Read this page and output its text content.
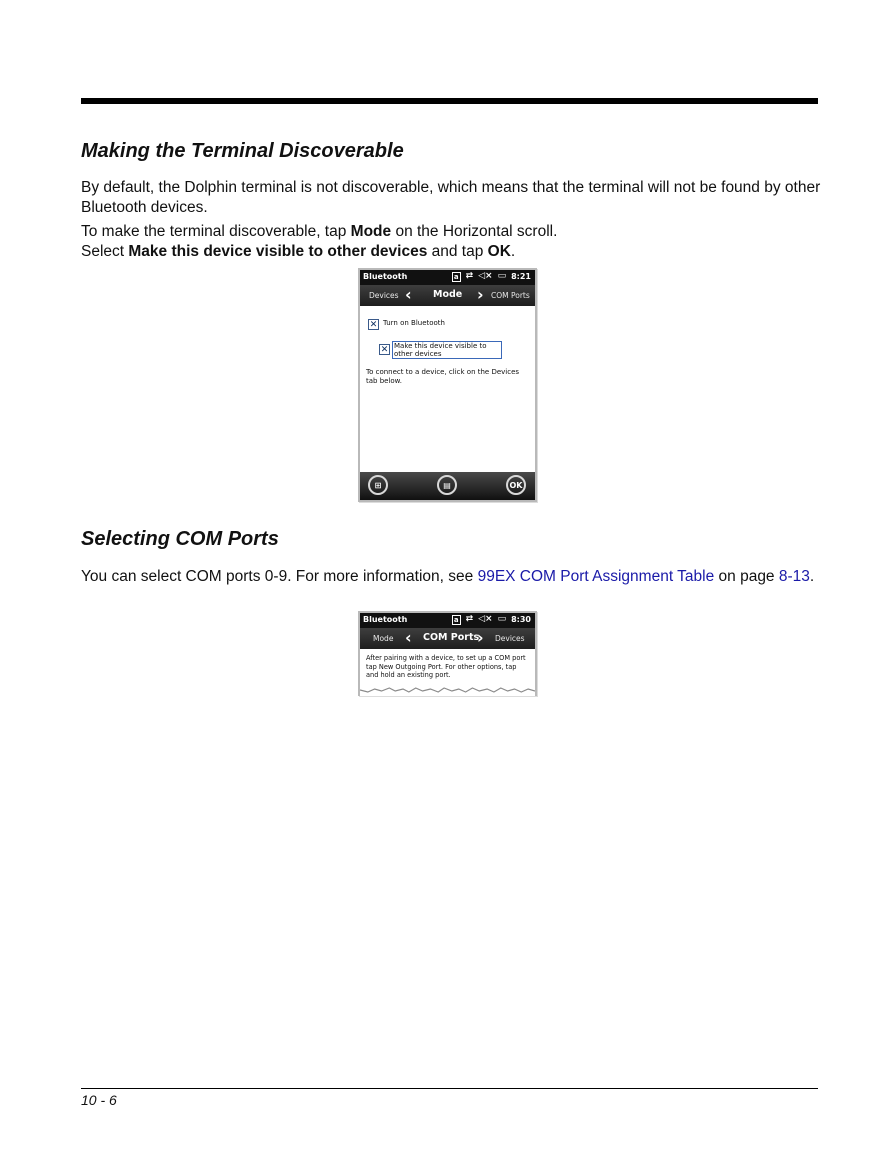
Making the Terminal Discoverable

By default, the Dolphin terminal is not discoverable, which means that the terminal will not be found by other Bluetooth devices.

To make the terminal discoverable, tap Mode on the Horizontal scroll.
Select Make this device visible to other devices and tap OK.

Bluetooth	a ⇄ ◁× ▭ 8:21
Devices ‹ Mode › COM Ports
✕ Turn on Bluetooth
✕ Make this device visible to other devices
To connect to a device, click on the Devices tab below.
⊞	▤	OK
Selecting COM Ports

You can select COM ports 0-9. For more information, see 99EX COM Port Assignment Table on page 8-13.

Bluetooth	a ⇄ ◁× ▭ 8:30
Mode ‹ COM Ports
› Devices
After pairing with a device, to set up a COM port tap New Outgoing Port. For other options, tap and hold an existing port.
10 - 6
